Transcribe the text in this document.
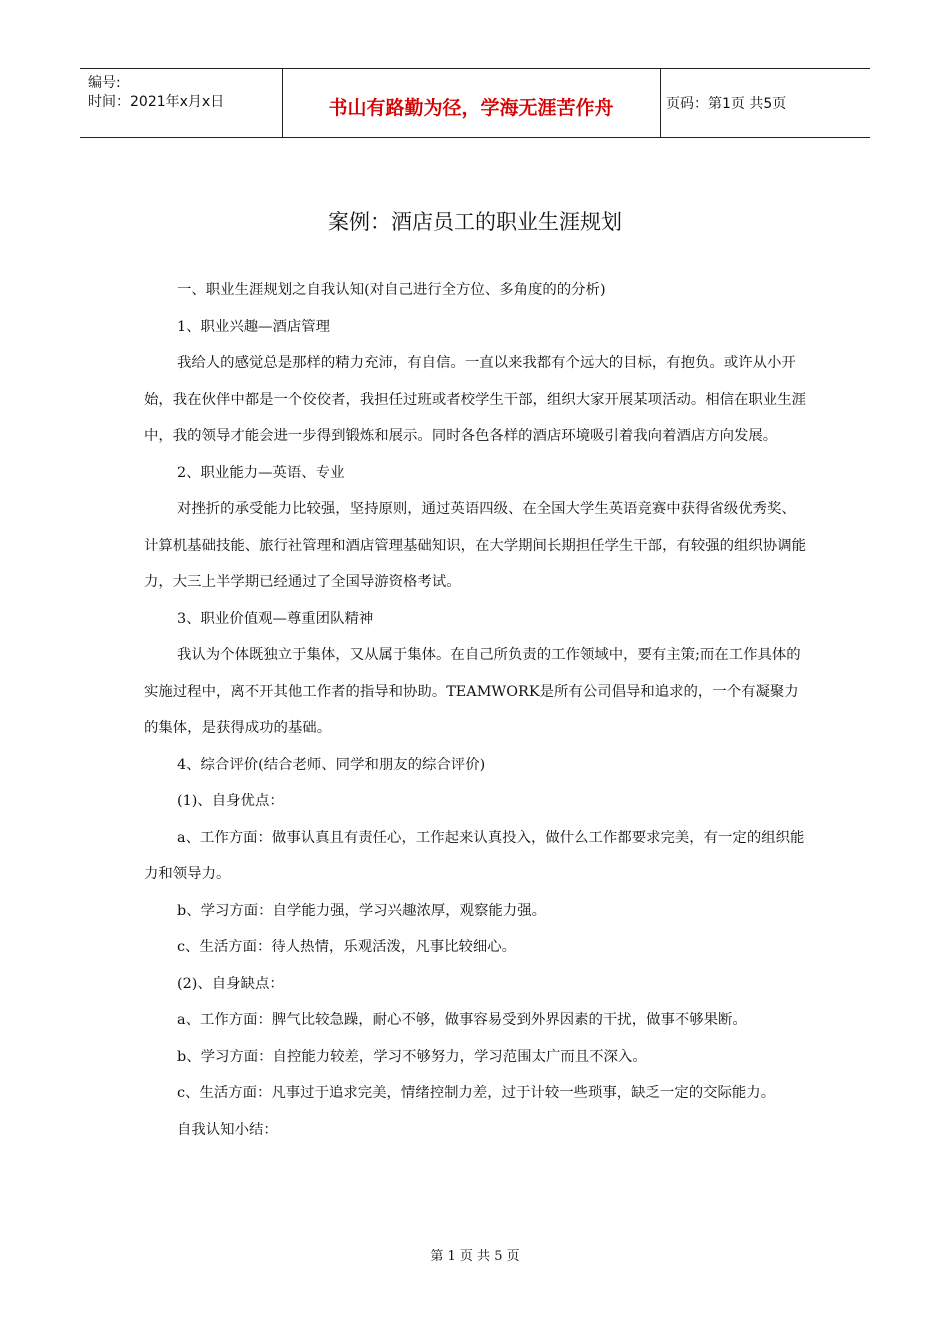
编号:
时间：2021年x月x日	书山有路勤为径，学海无涯苦作舟	页码：第1页 共5页
案例：酒店员工的职业生涯规划

一、职业生涯规划之自我认知(对自己进行全方位、多角度的的分析)

1、职业兴趣—酒店管理

我给人的感觉总是那样的精力充沛，有自信。一直以来我都有个远大的目标，有抱负。或许从小开始，我在伙伴中都是一个佼佼者，我担任过班或者校学生干部，组织大家开展某项活动。相信在职业生涯中，我的领导才能会进一步得到锻炼和展示。同时各色各样的酒店环境吸引着我向着酒店方向发展。

2、职业能力—英语、专业

对挫折的承受能力比较强，坚持原则，通过英语四级、在全国大学生英语竞赛中获得省级优秀奖、计算机基础技能、旅行社管理和酒店管理基础知识，在大学期间长期担任学生干部，有较强的组织协调能力，大三上半学期已经通过了全国导游资格考试。

3、职业价值观—尊重团队精神

我认为个体既独立于集体，又从属于集体。在自己所负责的工作领域中，要有主策;而在工作具体的实施过程中，离不开其他工作者的指导和协助。TEAMWORK是所有公司倡导和追求的，一个有凝聚力的集体，是获得成功的基础。

4、综合评价(结合老师、同学和朋友的综合评价)

(1)、自身优点：

a、工作方面：做事认真且有责任心，工作起来认真投入，做什么工作都要求完美，有一定的组织能力和领导力。

b、学习方面：自学能力强，学习兴趣浓厚，观察能力强。

c、生活方面：待人热情，乐观活泼，凡事比较细心。

(2)、自身缺点：

a、工作方面：脾气比较急躁，耐心不够，做事容易受到外界因素的干扰，做事不够果断。

b、学习方面：自控能力较差，学习不够努力，学习范围太广而且不深入。

c、生活方面：凡事过于追求完美，情绪控制力差，过于计较一些琐事，缺乏一定的交际能力。

自我认知小结：

第 1 页 共 5 页
